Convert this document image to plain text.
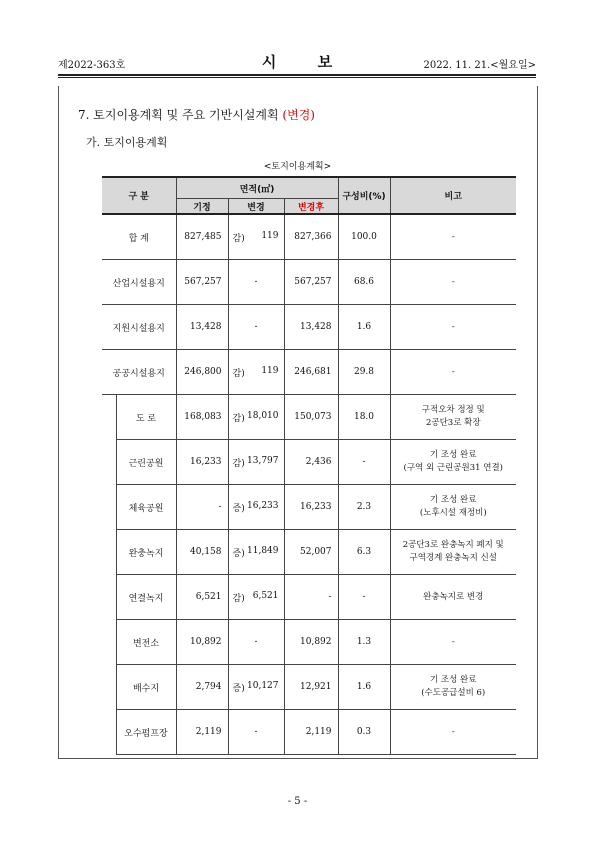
제2022-363호	시 보	2022. 11. 21.<월요일>
7. 토지이용계획 및 주요 기반시설계획 (변경)
가. 토지이용계획
<토지이용계획>
구 분		면적(㎡)			구성비(%)	비고
		기정	변경	변경후		
합 계		827,485	감) 119	827,366	100.0	-
산업시설용지		567,257	-	567,257	68.6	-
지원시설용지		13,428	-	13,428	1.6	-
공공시설용지		246,800	감) 119	246,681	29.8	-
	도 로	168,083	감) 18,010	150,073	18.0	구적오차 정정 및
2공단3로 확장
	근린공원	16,233	감) 13,797	2,436	-	기 조성 완료
(구역 외 근린공원31 연결)
	체육공원	-	증) 16,233	16,233	2.3	기 조성 완료
(노후시설 재정비)
	완충녹지	40,158	증) 11,849	52,007	6.3	2공단3로 완충녹지 폐지 및
구역경계 완충녹지 신설
	연결녹지	6,521	감) 6,521	-	-	완충녹지로 변경
	변전소	10,892	-	10,892	1.3	-
	배수지	2,794	증) 10,127	12,921	1.6	기 조성 완료
(수도공급설비 6)
	오수펌프장	2,119	-	2,119	0.3	-
- 5 -
